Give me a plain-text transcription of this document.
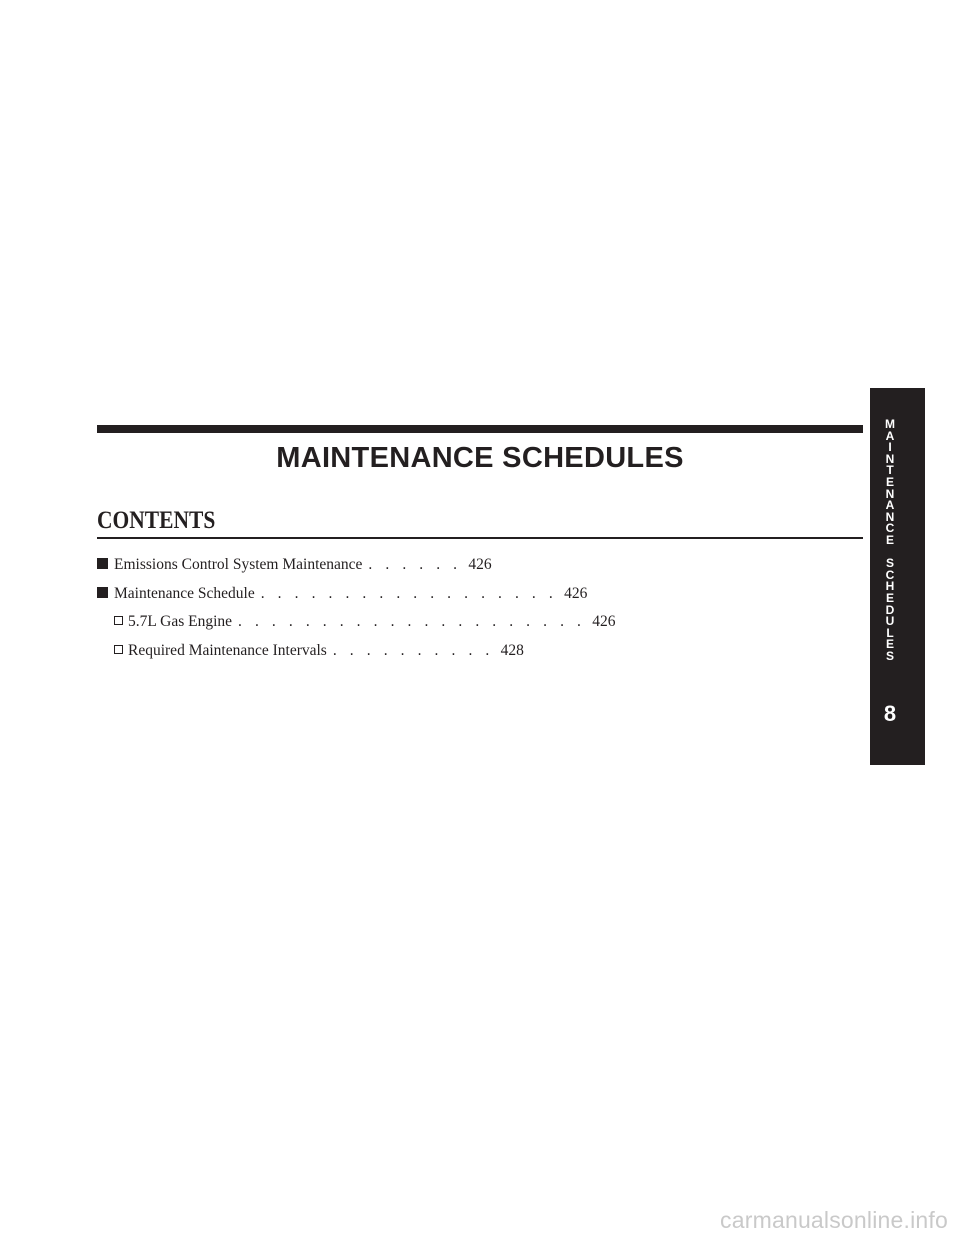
MAINTENANCE SCHEDULES
CONTENTS
Emissions Control System Maintenance . . . . . . 426
Maintenance Schedule . . . . . . . . . . . . . . . . . . 426
5.7L Gas Engine . . . . . . . . . . . . . . . . . . . . . 426
Required Maintenance Intervals . . . . . . . . . . 428
M
A
I
N
T
E
N
A
N
C
E

S
C
H
E
D
U
L
E
S
8
carmanualsonline.info
